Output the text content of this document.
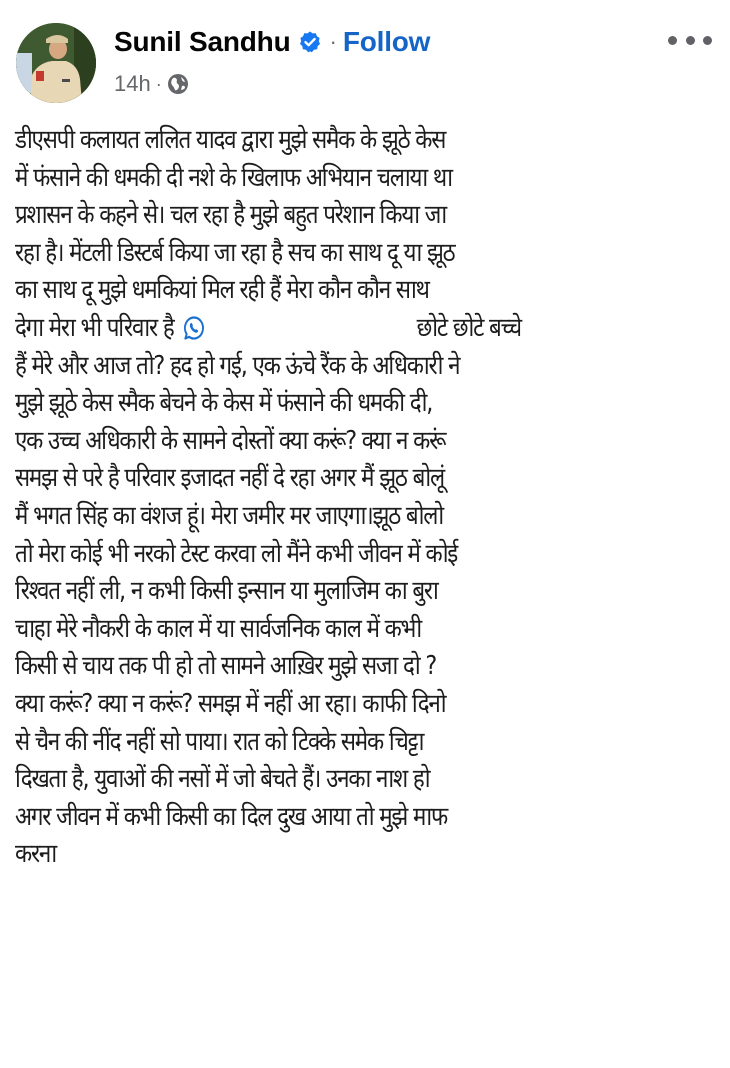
Sunil Sandhu · Follow
14h ·
डीएसपी कलायत ललित यादव द्वारा मुझे समैक के झूठे केस
में फंसाने की धमकी दी नशे के खिलाफ अभियान चलाया था
प्रशासन के कहने से। चल रहा है मुझे बहुत परेशान किया जा
रहा है। मेंटली डिस्टर्ब किया जा रहा है सच का साथ दू या झूठ
का साथ दू मुझे धमकियां मिल रही हैं मेरा कौन कौन साथ
देगा मेरा भी परिवार है	छोटे छोटे बच्चे
हैं मेरे और आज तो? हद हो गई, एक ऊंचे रैंक के अधिकारी ने
मुझे झूठे केस स्मैक बेचने के केस में फंसाने की धमकी दी,
एक उच्च अधिकारी के सामने दोस्तों क्या करूं? क्या न करूं
समझ से परे है परिवार इजादत नहीं दे रहा अगर मैं झूठ बोलूं
मैं भगत सिंह का वंशज हूं। मेरा जमीर मर जाएगा।झूठ बोलो
तो मेरा कोई भी नरको टेस्ट करवा लो मैंने कभी जीवन में कोई
रिश्वत नहीं ली, न कभी किसी इन्सान या मुलाजिम का बुरा
चाहा मेरे नौकरी के काल में या सार्वजनिक काल में कभी
किसी से चाय तक पी हो तो सामने आख़िर मुझे सजा दो ?
क्या करूं? क्या न करूं? समझ में नहीं आ रहा। काफी दिनो
से चैन की नींद नहीं सो पाया। रात को टिक्के समेक चिट्टा
दिखता है, युवाओं की नसों में जो बेचते हैं। उनका नाश हो
अगर जीवन में कभी किसी का दिल दुख आया तो मुझे माफ
करना
